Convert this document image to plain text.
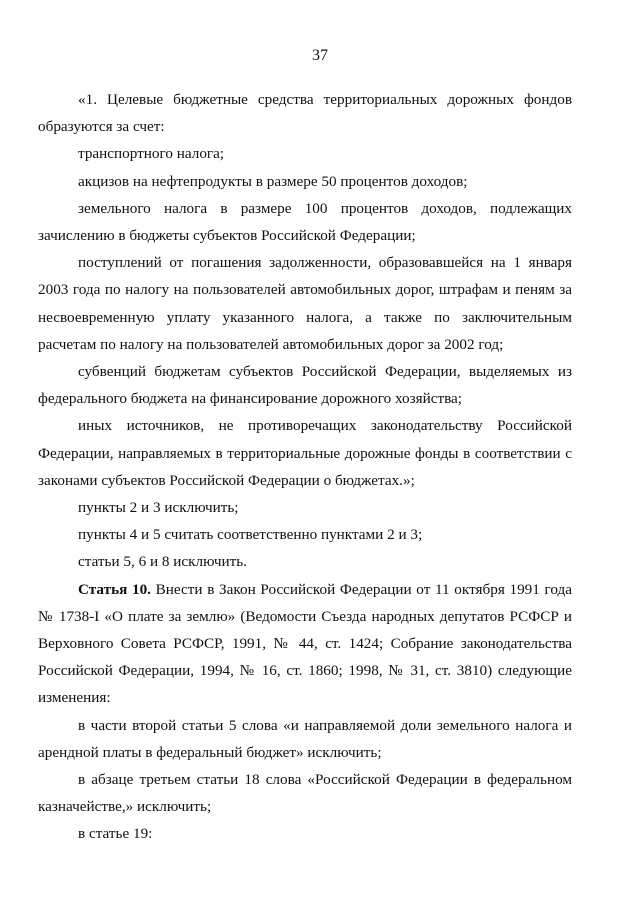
37

«1. Целевые бюджетные средства территориальных дорожных фондов образуются за счет:

транспортного налога;

акцизов на нефтепродукты в размере 50 процентов доходов;

земельного налога в размере 100 процентов доходов, подлежащих зачислению в бюджеты субъектов Российской Федерации;

поступлений от погашения задолженности, образовавшейся на 1 января 2003 года по налогу на пользователей автомобильных дорог, штрафам и пеням за несвоевременную уплату указанного налога, а также по заключительным расчетам по налогу на пользователей автомобильных дорог за 2002 год;

субвенций бюджетам субъектов Российской Федерации, выделяемых из федерального бюджета на финансирование дорожного хозяйства;

иных источников, не противоречащих законодательству Российской Федерации, направляемых в территориальные дорожные фонды в соответствии с законами субъектов Российской Федерации о бюджетах.»;

пункты 2 и 3 исключить;

пункты 4 и 5 считать соответственно пунктами 2 и 3;

статьи 5, 6 и 8 исключить.

Статья 10. Внести в Закон Российской Федерации от 11 октября 1991 года № 1738-I «О плате за землю» (Ведомости Съезда народных депутатов РСФСР и Верховного Совета РСФСР, 1991, № 44, ст. 1424; Собрание законодательства Российской Федерации, 1994, № 16, ст. 1860; 1998, № 31, ст. 3810) следующие изменения:

в части второй статьи 5 слова «и направляемой доли земельного налога и арендной платы в федеральный бюджет» исключить;

в абзаце третьем статьи 18 слова «Российской Федерации в федеральном казначействе,» исключить;

в статье 19:
